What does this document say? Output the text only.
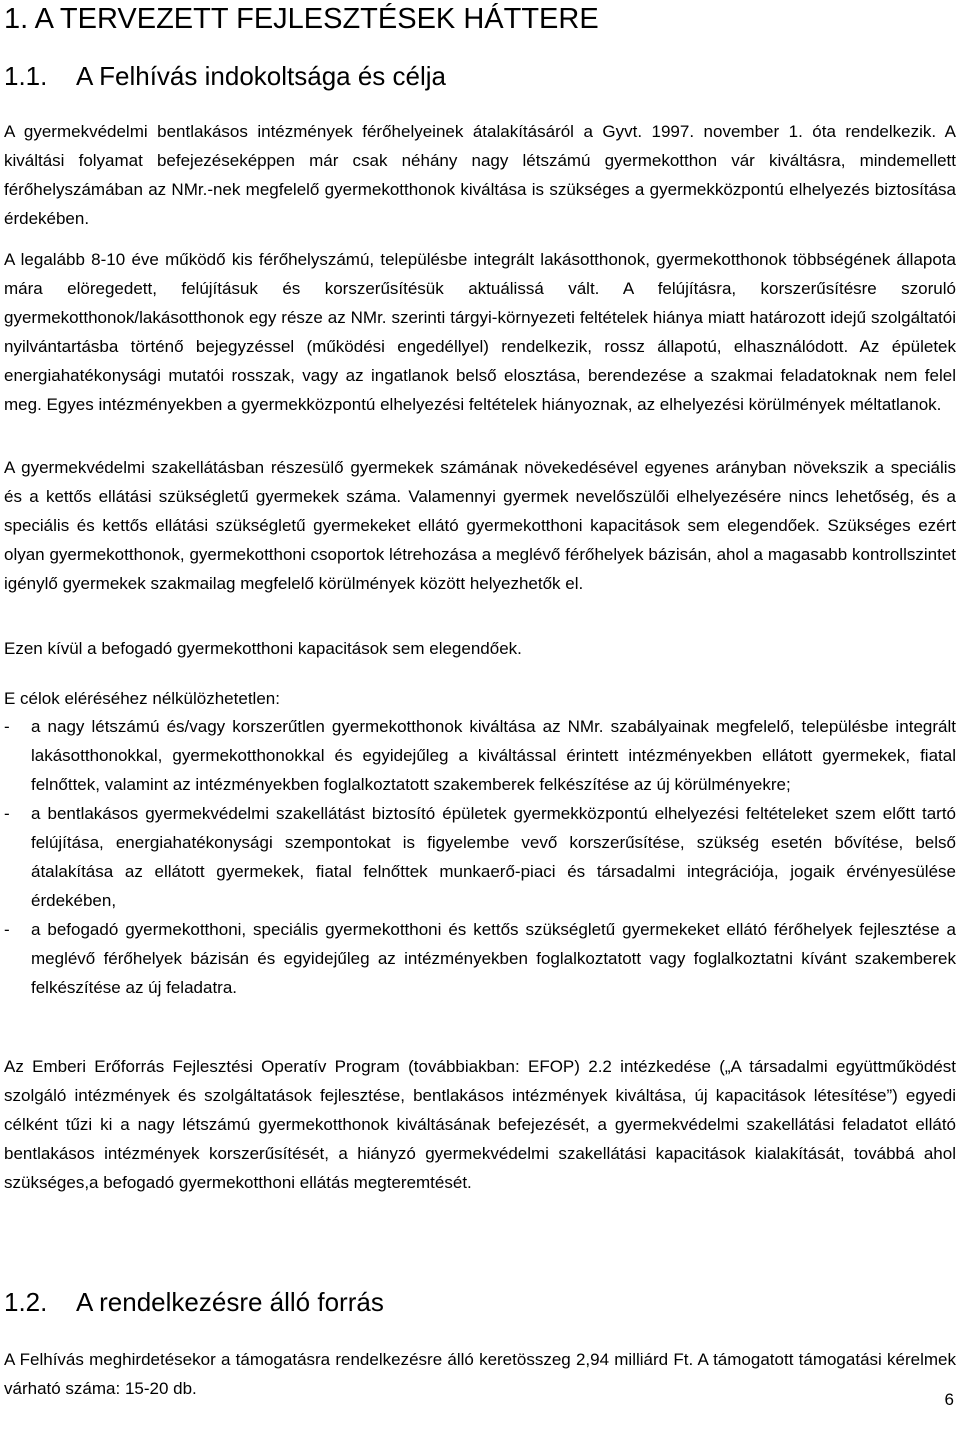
1. A TERVEZETT FEJLESZTÉSEK HÁTTERE
1.1. A Felhívás indokoltsága és célja

A gyermekvédelmi bentlakásos intézmények férőhelyeinek átalakításáról a Gyvt. 1997. november 1. óta rendelkezik. A kiváltási folyamat befejezéseképpen már csak néhány nagy létszámú gyermekotthon vár kiváltásra, mindemellett férőhelyszámában az NMr.-nek megfelelő gyermekotthonok kiváltása is szükséges a gyermekközpontú elhelyezés biztosítása érdekében.

A legalább 8-10 éve működő kis férőhelyszámú, településbe integrált lakásotthonok, gyermekotthonok többségének állapota mára elöregedett, felújításuk és korszerűsítésük aktuálissá vált. A felújításra, korszerűsítésre szoruló gyermekotthonok/lakásotthonok egy része az NMr. szerinti tárgyi-környezeti feltételek hiánya miatt határozott idejű szolgáltatói nyilvántartásba történő bejegyzéssel (működési engedéllyel) rendelkezik, rossz állapotú, elhasználódott. Az épületek energiahatékonysági mutatói rosszak, vagy az ingatlanok belső elosztása, berendezése a szakmai feladatoknak nem felel meg. Egyes intézményekben a gyermekközpontú elhelyezési feltételek hiányoznak, az elhelyezési körülmények méltatlanok.

A gyermekvédelmi szakellátásban részesülő gyermekek számának növekedésével egyenes arányban növekszik a speciális és a kettős ellátási szükségletű gyermekek száma. Valamennyi gyermek nevelőszülői elhelyezésére nincs lehetőség, és a speciális és kettős ellátási szükségletű gyermekeket ellátó gyermekotthoni kapacitások sem elegendőek. Szükséges ezért olyan gyermekotthonok, gyermekotthoni csoportok létrehozása a meglévő férőhelyek bázisán, ahol a magasabb kontrollszintet igénylő gyermekek szakmailag megfelelő körülmények között helyezhetők el.

Ezen kívül a befogadó gyermekotthoni kapacitások sem elegendőek.

E célok eléréséhez nélkülözhetetlen:

- a nagy létszámú és/vagy korszerűtlen gyermekotthonok kiváltása az NMr. szabályainak megfelelő, településbe integrált lakásotthonokkal, gyermekotthonokkal és egyidejűleg a kiváltással érintett intézményekben ellátott gyermekek, fiatal felnőttek, valamint az intézményekben foglalkoztatott szakemberek felkészítése az új körülményekre;
- a bentlakásos gyermekvédelmi szakellátást biztosító épületek gyermekközpontú elhelyezési feltételeket szem előtt tartó felújítása, energiahatékonysági szempontokat is figyelembe vevő korszerűsítése, szükség esetén bővítése, belső átalakítása az ellátott gyermekek, fiatal felnőttek munkaerő-piaci és társadalmi integrációja, jogaik érvényesülése érdekében,
- a befogadó gyermekotthoni, speciális gyermekotthoni és kettős szükségletű gyermekeket ellátó férőhelyek fejlesztése a meglévő férőhelyek bázisán és egyidejűleg az intézményekben foglalkoztatott vagy foglalkoztatni kívánt szakemberek felkészítése az új feladatra.

Az Emberi Erőforrás Fejlesztési Operatív Program (továbbiakban: EFOP) 2.2 intézkedése („A társadalmi együttműködést szolgáló intézmények és szolgáltatások fejlesztése, bentlakásos intézmények kiváltása, új kapacitások létesítése”) egyedi célként tűzi ki a nagy létszámú gyermekotthonok kiváltásának befejezését, a gyermekvédelmi szakellátási feladatot ellátó bentlakásos intézmények korszerűsítését, a hiányzó gyermekvédelmi szakellátási kapacitások kialakítását, továbbá ahol szükséges,a befogadó gyermekotthoni ellátás megteremtését.

1.2. A rendelkezésre álló forrás

A Felhívás meghirdetésekor a támogatásra rendelkezésre álló keretösszeg 2,94 milliárd Ft. A támogatott támogatási kérelmek várható száma: 15-20 db.

6
